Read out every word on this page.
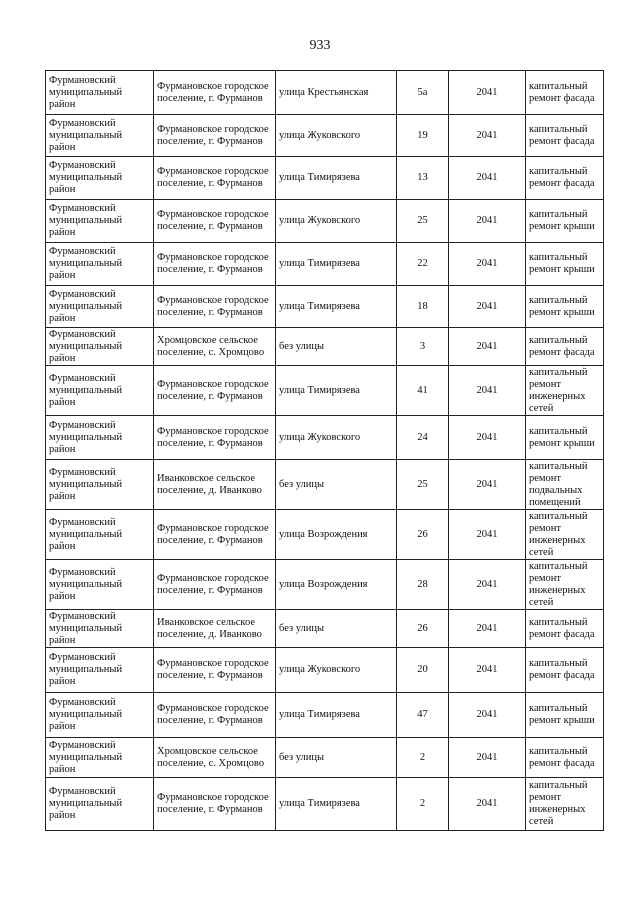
933
Фурмановский муниципальный район	Фурмановское городское поселение, г. Фурманов	улица Крестьянская	5а	2041	капитальный ремонт фасада
Фурмановский муниципальный район	Фурмановское городское поселение, г. Фурманов	улица Жуковского	19	2041	капитальный ремонт фасада
Фурмановский муниципальный район	Фурмановское городское поселение, г. Фурманов	улица Тимирязева	13	2041	капитальный ремонт фасада
Фурмановский муниципальный район	Фурмановское городское поселение, г. Фурманов	улица Жуковского	25	2041	капитальный ремонт крыши
Фурмановский муниципальный район	Фурмановское городское поселение, г. Фурманов	улица Тимирязева	22	2041	капитальный ремонт крыши
Фурмановский муниципальный район	Фурмановское городское поселение, г. Фурманов	улица Тимирязева	18	2041	капитальный ремонт крыши
Фурмановский муниципальный район	Хромцовское сельское поселение, с. Хромцово	без улицы	3	2041	капитальный ремонт фасада
Фурмановский муниципальный район	Фурмановское городское поселение, г. Фурманов	улица Тимирязева	41	2041	капитальный ремонт инженерных сетей
Фурмановский муниципальный район	Фурмановское городское поселение, г. Фурманов	улица Жуковского	24	2041	капитальный ремонт крыши
Фурмановский муниципальный район	Иванковское сельское поселение, д. Иванково	без улицы	25	2041	капитальный ремонт подвальных помещений
Фурмановский муниципальный район	Фурмановское городское поселение, г. Фурманов	улица Возрождения	26	2041	капитальный ремонт инженерных сетей
Фурмановский муниципальный район	Фурмановское городское поселение, г. Фурманов	улица Возрождения	28	2041	капитальный ремонт инженерных сетей
Фурмановский муниципальный район	Иванковское сельское поселение, д. Иванково	без улицы	26	2041	капитальный ремонт фасада
Фурмановский муниципальный район	Фурмановское городское поселение, г. Фурманов	улица Жуковского	20	2041	капитальный ремонт фасада
Фурмановский муниципальный район	Фурмановское городское поселение, г. Фурманов	улица Тимирязева	47	2041	капитальный ремонт крыши
Фурмановский муниципальный район	Хромцовское сельское поселение, с. Хромцово	без улицы	2	2041	капитальный ремонт фасада
Фурмановский муниципальный район	Фурмановское городское поселение, г. Фурманов	улица Тимирязева	2	2041	капитальный ремонт инженерных сетей
